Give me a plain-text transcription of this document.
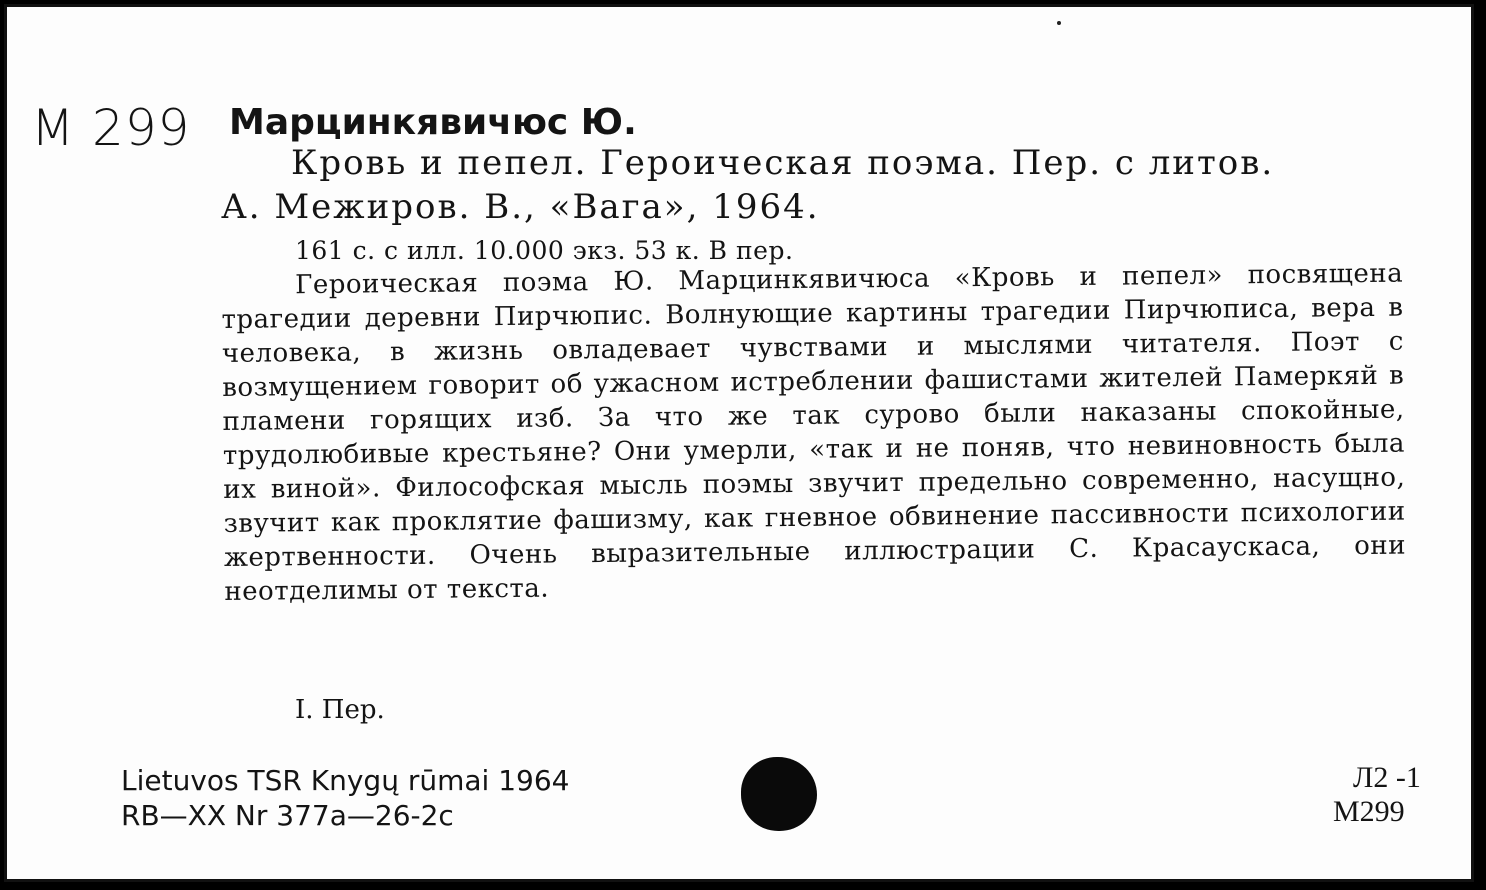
М 299 Марцинкявичюс Ю.
Кровь и пепел. Героическая поэма. Пер. с литов.
А. Межиров. В., «Вага», 1964.
161 с. с илл. 10.000 экз. 53 к. В пер.
Героическая поэма Ю. Марцинкявичюса «Кровь и пепел» посвящена трагедии деревни Пирчюпис. Волнующие картины трагедии Пирчюписа, вера в человека, в жизнь овладевает чувствами и мыслями читателя. Поэт с возмущением говорит об ужасном истреблении фашистами жителей Памеркяй в пламени горящих изб. За что же так сурово были наказаны спокойные, трудолюбивые крестьяне? Они умерли, «так и не поняв, что невиновность была их виной». Философская мысль поэмы звучит предельно современно, насущно, звучит как проклятие фашизму, как гневное обвинение пассивности психологии жертвенности. Очень выразительные иллюстрации С. Красаускаса, они неотделимы от текста.
I. Пер.
Lietuvos TSR Knygų rūmai 1964
RB—XX Nr 377a—26-2c
Л2 -1
M299
